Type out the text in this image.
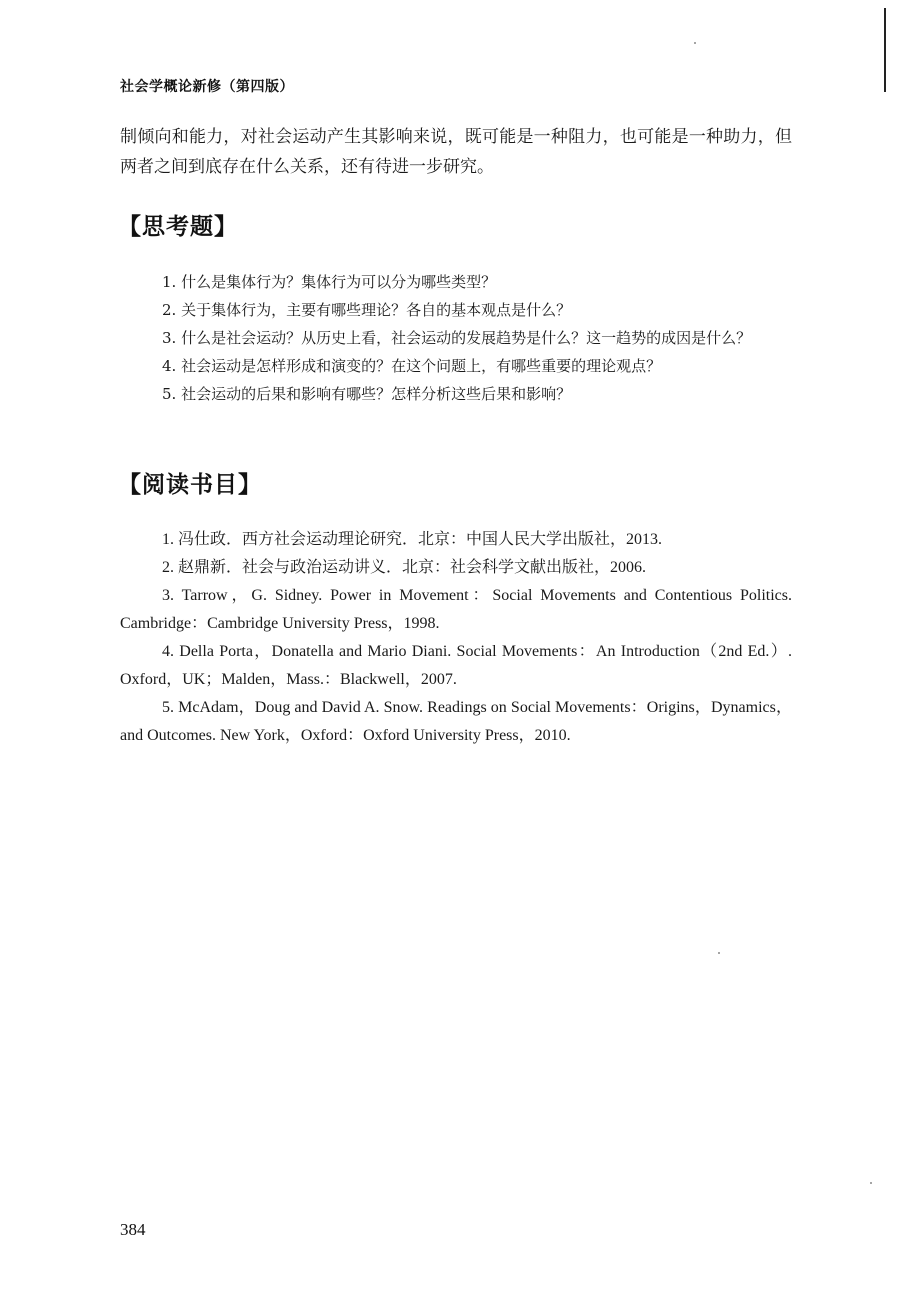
社会学概论新修（第四版）

制倾向和能力，对社会运动产生其影响来说，既可能是一种阻力，也可能是一种助力，但两者之间到底存在什么关系，还有待进一步研究。

【思考题】
1. 什么是集体行为？集体行为可以分为哪些类型？
2. 关于集体行为，主要有哪些理论？各自的基本观点是什么？
3. 什么是社会运动？从历史上看，社会运动的发展趋势是什么？这一趋势的成因是什么？
4. 社会运动是怎样形成和演变的？在这个问题上，有哪些重要的理论观点？
5. 社会运动的后果和影响有哪些？怎样分析这些后果和影响？
【阅读书目】
1. 冯仕政．西方社会运动理论研究．北京：中国人民大学出版社，2013.
2. 赵鼎新．社会与政治运动讲义．北京：社会科学文献出版社，2006.
3. Tarrow，G. Sidney. Power in Movement：Social Movements and Contentious Politics. Cambridge：Cambridge University Press，1998.
4. Della Porta，Donatella and Mario Diani. Social Movements：An Introduction（2nd Ed.）. Oxford，UK；Malden，Mass.：Blackwell，2007.
5. McAdam，Doug and David A. Snow. Readings on Social Movements：Origins，Dynamics，and Outcomes. New York，Oxford：Oxford University Press，2010.
384
